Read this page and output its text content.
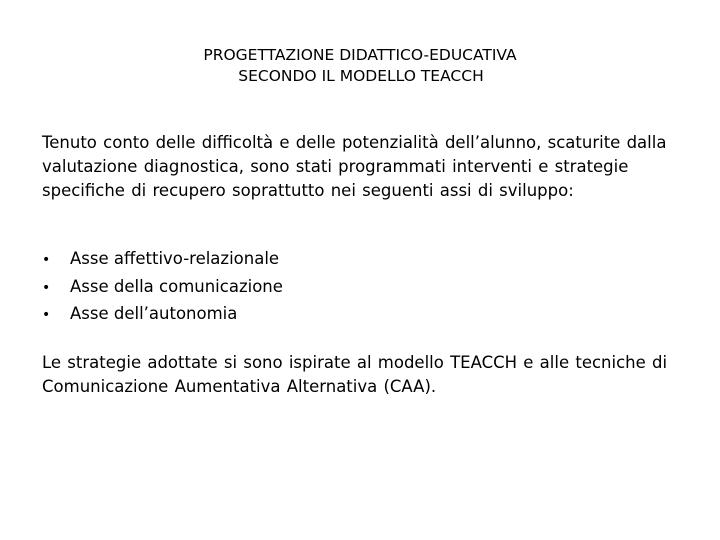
PROGETTAZIONE DIDATTICO-EDUCATIVA
SECONDO IL MODELLO TEACCH

Tenuto conto delle difficoltà e delle potenzialità dell’alunno, scaturite dalla valutazione diagnostica, sono stati programmati interventi e strategie specifiche di recupero soprattutto nei seguenti assi di sviluppo:

•	Asse affettivo-relazionale
•	Asse della comunicazione
•	Asse dell’autonomia

Le strategie adottate si sono ispirate al modello TEACCH e alle tecniche di Comunicazione Aumentativa Alternativa (CAA).
